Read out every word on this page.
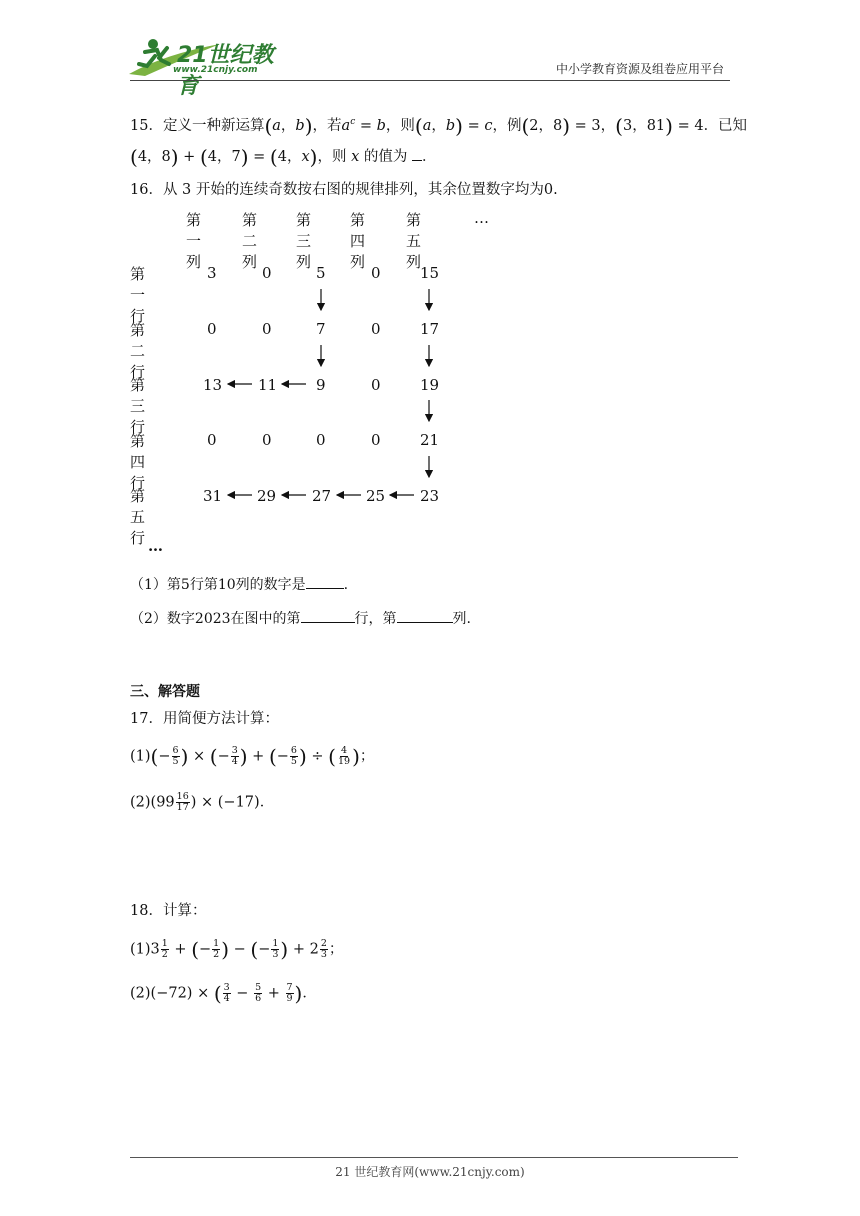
21世纪教育
www.21cnjy.com	中小学教育资源及组卷应用平台
15．定义一种新运算(a，b)，若$a^c = b$，则(a，b) = c，例(2，8) = 3，(3，81) = 4．已知
(4，8) + (4，7) = (4，x)，则 x 的值为 ．
16．从 3 开始的连续奇数按右图的规律排列，其余位置数字均为0.
第一列
第二列
第三列
第四列
第五列
…
第一行
第二行
第三行
第四行
第五行
3	0	5	0	15
0	0	7	0	17
13 11	9	0	19
0	0	0	0	21
31 29 27 25 23
…
（1）第5行第10列的数字是	.
（2）数字2023在图中的第	行，第	列.
三、解答题
17．用简便方法计算：
$(1)(- \frac{6}{5}$ ) × (− $\frac{3}{4}$ ) + (− $\frac{6}{5}$ ) ÷ ( $\frac{4}{19}$ )；
$(2)(99 \frac{16}{17}$ ) × (−17)．
18．计算：
$(1)3 \frac{1}{2}$ + (− $\frac{1}{2}$ ) − (− $\frac{1}{3}$ ) + $2 \frac{2}{3}$ ；
(2)(−72) × ( $\frac{3}{4} - \frac{5}{6} + \frac{7}{9}$ )．
21 世纪教育网(www.21cnjy.com)
